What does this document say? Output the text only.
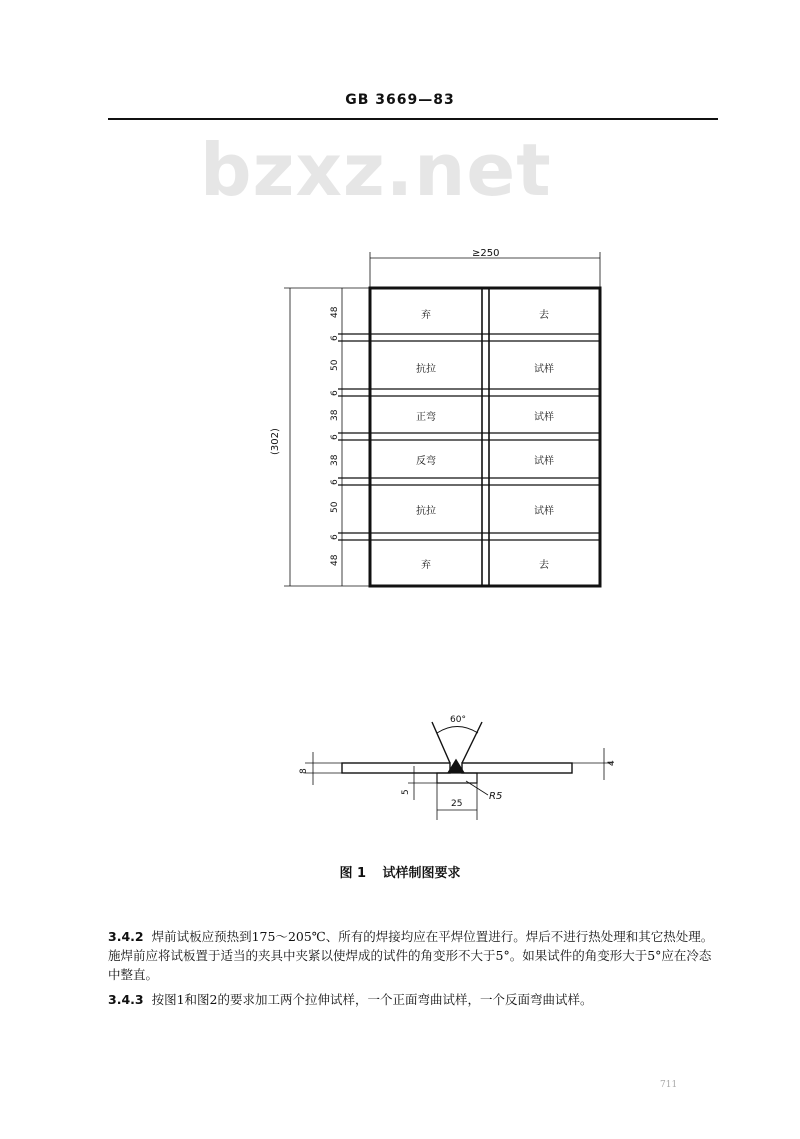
GB 3669—83
bzxz.net
≥250
(302)
48
6
50
6
38
6
38
6
50
6
48
弃	去
抗拉	试样
正弯	试样
反弯	试样
抗拉	试样
弃	去
60°
8
4
5
25
R5
图 1 试样制图要求
3.4.2 焊前试板应预热到175～205℃、所有的焊接均应在平焊位置进行。焊后不进行热处理和其它热处理。施焊前应将试板置于适当的夹具中夹紧以使焊成的试件的角变形不大于5°。如果试件的角变形大于5°应在冷态中整直。
3.4.3 按图1和图2的要求加工两个拉伸试样，一个正面弯曲试样，一个反面弯曲试样。
711
